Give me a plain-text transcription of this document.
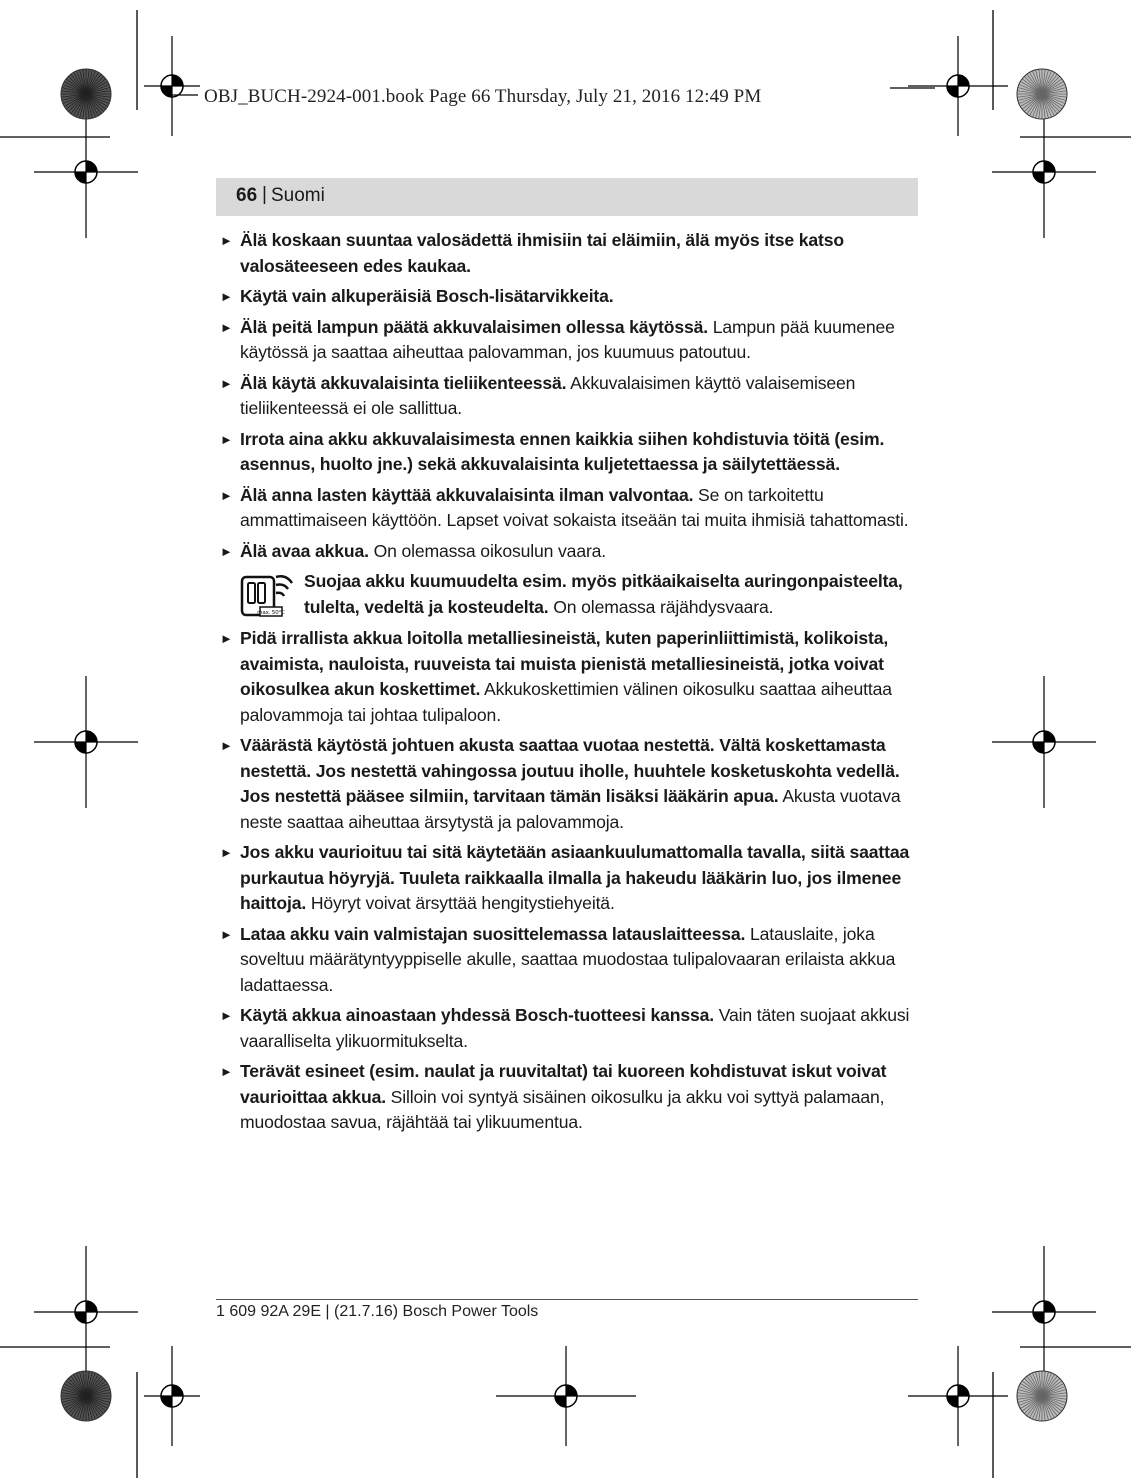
OBJ_BUCH-2924-001.book Page 66 Thursday, July 21, 2016 12:49 PM
66 | Suomi
► Älä koskaan suuntaa valosädettä ihmisiin tai eläimiin, älä myös itse katso valosäteeseen edes kaukaa.
► Käytä vain alkuperäisiä Bosch-lisätarvikkeita.
► Älä peitä lampun päätä akkuvalaisimen ollessa käytössä. Lampun pää kuumenee käytössä ja saattaa aiheuttaa palovamman, jos kuumuus patoutuu.
► Älä käytä akkuvalaisinta tieliikenteessä. Akkuvalaisimen käyttö valaisemiseen tieliikenteessä ei ole sallittua.
► Irrota aina akku akkuvalaisimesta ennen kaikkia siihen kohdistuvia töitä (esim. asennus, huolto jne.) sekä akkuvalaisinta kuljetettaessa ja säilytettäessä.
► Älä anna lasten käyttää akkuvalaisinta ilman valvontaa. Se on tarkoitettu ammattimaiseen käyttöön. Lapset voivat sokaista itseään tai muita ihmisiä tahattomasti.
► Älä avaa akkua. On olemassa oikosulun vaara.
max. 50°C
Suojaa akku kuumuudelta esim. myös pitkäaikaiselta auringonpaisteelta, tulelta, vedeltä ja kosteudelta. On olemassa räjähdysvaara.
► Pidä irrallista akkua loitolla metalliesineistä, kuten paperinliittimistä, kolikoista, avaimista, nauloista, ruuveista tai muista pienistä metalliesineistä, jotka voivat oikosulkea akun koskettimet. Akkukoskettimien välinen oikosulku saattaa aiheuttaa palovammoja tai johtaa tulipaloon.
► Väärästä käytöstä johtuen akusta saattaa vuotaa nestettä. Vältä koskettamasta nestettä. Jos nestettä vahingossa joutuu iholle, huuhtele kosketuskohta vedellä. Jos nestettä pääsee silmiin, tarvitaan tämän lisäksi lääkärin apua. Akusta vuotava neste saattaa aiheuttaa ärsytystä ja palovammoja.
► Jos akku vaurioituu tai sitä käytetään asiaankuulumattomalla tavalla, siitä saattaa purkautua höyryjä. Tuuleta raikkaalla ilmalla ja hakeudu lääkärin luo, jos ilmenee haittoja. Höyryt voivat ärsyttää hengitystiehyeitä.
► Lataa akku vain valmistajan suosittelemassa latauslaitteessa. Latauslaite, joka soveltuu määrätyntyyppiselle akulle, saattaa muodostaa tulipalovaaran erilaista akkua ladattaessa.
► Käytä akkua ainoastaan yhdessä Bosch-tuotteesi kanssa. Vain täten suojaat akkusi vaaralliselta ylikuormitukselta.
► Terävät esineet (esim. naulat ja ruuvitaltat) tai kuoreen kohdistuvat iskut voivat vaurioittaa akkua. Silloin voi syntyä sisäinen oikosulku ja akku voi syttyä palamaan, muodostaa savua, räjähtää tai ylikuumentua.
1 609 92A 29E | (21.7.16) Bosch Power Tools
